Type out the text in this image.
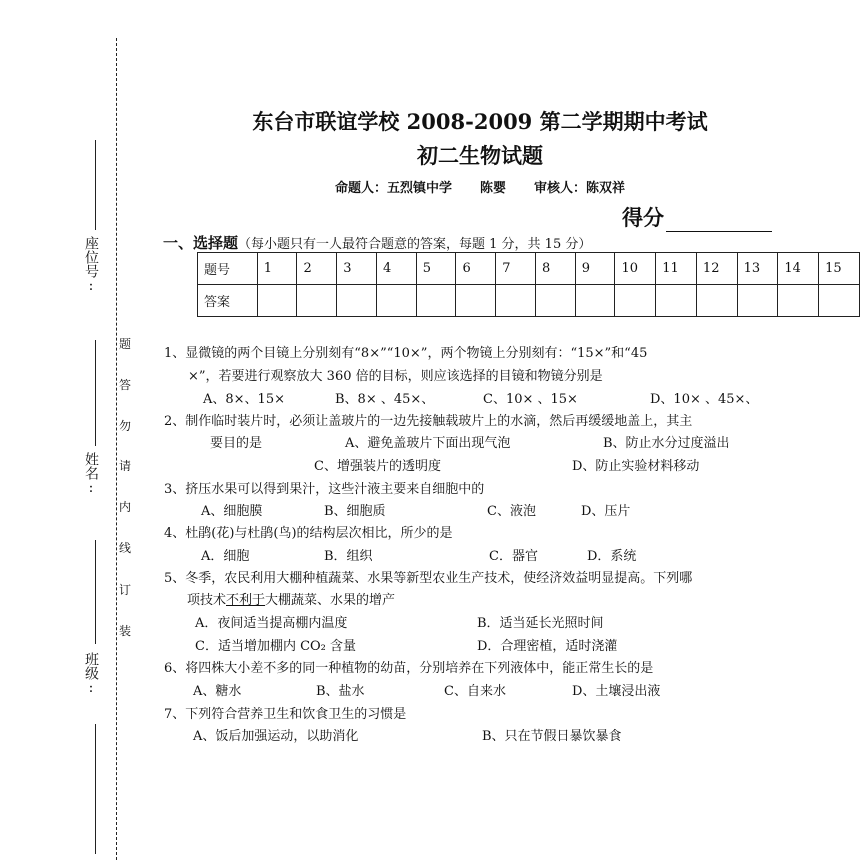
座位号:
姓名:
班级:
题
答
勿
请
内
线
订
装
东台市联谊学校 2008-2009 第二学期期中考试
初二生物试题
命题人：五烈镇中学 陈婴 审核人：陈双祥
得分
一、选择题（每小题只有一人最符合题意的答案，每题 1 分，共 15 分）
题号	1	2	3	4	5	6	7	8	9	10	11	12	13	14	15
答案															
1、显微镜的两个目镜上分别刻有“8×”“10×”，两个物镜上分别刻有：“15×”和“45
×”，若要进行观察放大 360 倍的目标，则应该选择的目镜和物镜分别是
A、8×、15×	B、8× 、45×、	C、10× 、15×	D、10× 、45×、
2、制作临时装片时，必须让盖玻片的一边先接触载玻片上的水滴，然后再缓缓地盖上，其主
要目的是	A、避免盖玻片下面出现气泡	B、防止水分过度溢出
C、增强装片的透明度	D、防止实验材料移动
3、挤压水果可以得到果汁，这些汁液主要来自细胞中的
A、细胞膜	B、细胞质	C、液泡	D、压片
4、杜鹃(花)与杜鹃(鸟)的结构层次相比，所少的是
A．细胞	B．组织	C．器官	D．系统
5、冬季，农民利用大棚种植蔬菜、水果等新型农业生产技术，使经济效益明显提高。下列哪
项技术不利于大棚蔬菜、水果的增产
A．夜间适当提高棚内温度	B．适当延长光照时间
C．适当增加棚内 CO₂ 含量	D．合理密植，适时浇灌
6、将四株大小差不多的同一种植物的幼苗，分别培养在下列液体中，能正常生长的是
A、糖水	B、盐水	C、自来水	D、土壤浸出液
7、下列符合营养卫生和饮食卫生的习惯是
A、饭后加强运动，以助消化	B、只在节假日暴饮暴食
